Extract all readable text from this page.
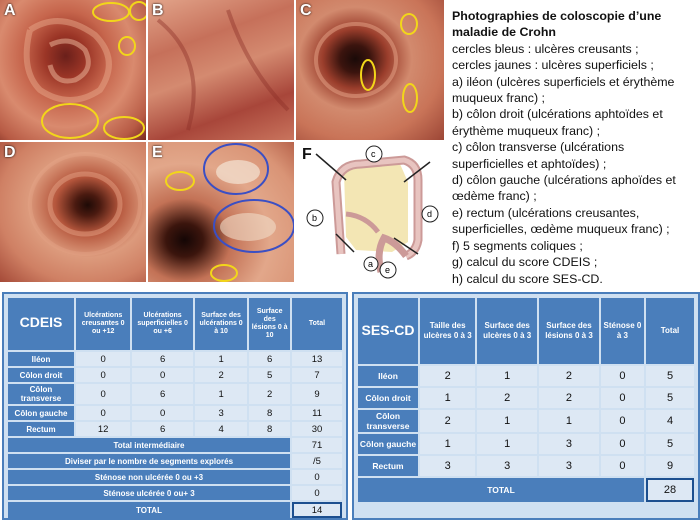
A	B	C
D	E
a
b
c
d
e
F
Photographies de coloscopie d’une maladie de Crohn
cercles bleus : ulcères creusants ;
cercles jaunes : ulcères superficiels ;
a) iléon (ulcères superficiels et érythème muqueux franc) ;
b) côlon droit (ulcérations aphtoïdes et érythème muqueux franc) ;
c) côlon transverse (ulcérations superficielles et aphtoïdes) ;
d) côlon gauche (ulcérations aphoïdes et œdème franc) ;
e) rectum (ulcérations creusantes, superficielles, œdème muqueux franc) ;
f) 5 segments coliques ;
g) calcul du score CDEIS ;
h) calcul du score SES-CD.
CDEIS	Ulcérations creusantes 0 ou +12	Ulcérations superficielles 0 ou +6	Surface des ulcérations 0 à 10	Surface des lésions 0 à 10	Total
Iléon	0	6	1	6	13
Côlon droit	0	0	2	5	7
Côlon transverse	0	6	1	2	9
Côlon gauche	0	0	3	8	11
Rectum	12	6	4	8	30
Total intermédiaire					71
Diviser par le nombre de segments explorés					/5
Sténose non ulcérée 0 ou +3					0
Sténose ulcérée 0 ou+ 3					0
TOTAL					14
SES-CD	Taille des ulcères 0 à 3	Surface des ulcères 0 à 3	Surface des lésions 0 à 3	Sténose 0 à 3	Total
Iléon	2	1	2	0	5
Côlon droit	1	2	2	0	5
Côlon transverse	2	1	1	0	4
Côlon gauche	1	1	3	0	5
Rectum	3	3	3	0	9
TOTAL					28
